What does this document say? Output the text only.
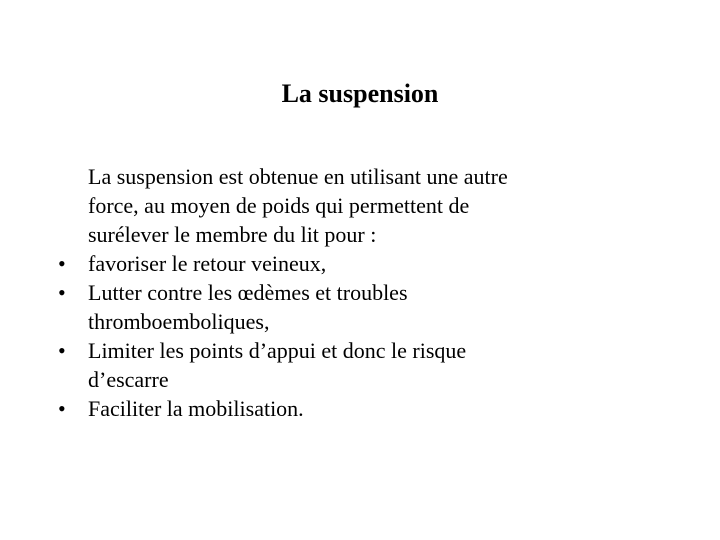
La suspension

La suspension est obtenue en utilisant une autre
force, au moyen de poids qui permettent de
surélever le membre du lit pour :

•	favoriser le retour veineux,
•	Lutter contre les œdèmes et troubles
thromboemboliques,
•	Limiter les points d’appui et donc le risque
d’escarre
•	Faciliter la mobilisation.
